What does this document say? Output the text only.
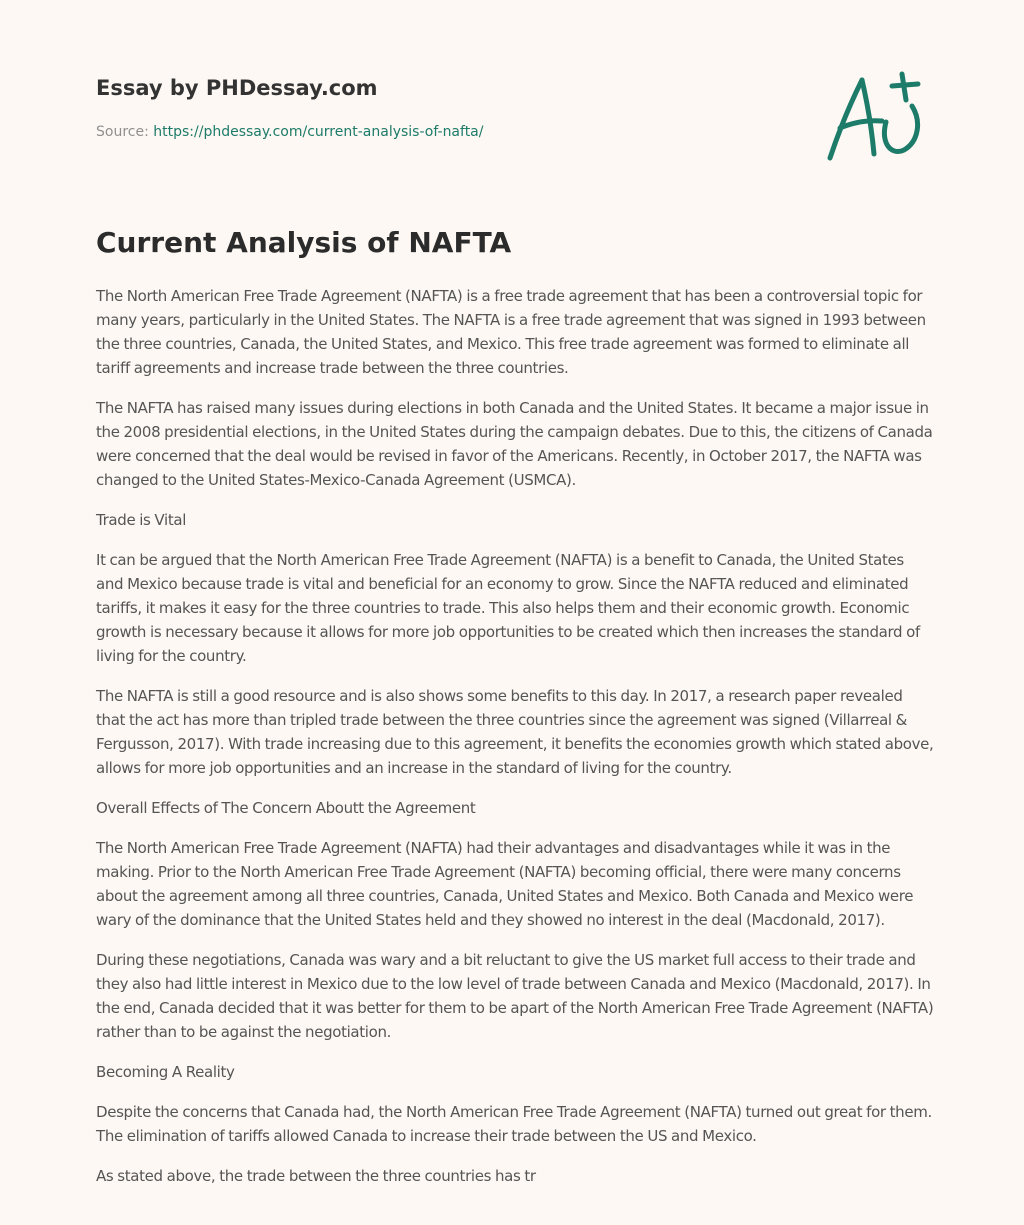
Essay by PHDessay.com
Source: https://phdessay.com/current-analysis-of-nafta/
Current Analysis of NAFTA

The North American Free Trade Agreement (NAFTA) is a free trade agreement that has been a controversial topic for many years, particularly in the United States. The NAFTA is a free trade agreement that was signed in 1993 between the three countries, Canada, the United States, and Mexico. This free trade agreement was formed to eliminate all tariff agreements and increase trade between the three countries.

The NAFTA has raised many issues during elections in both Canada and the United States. It became a major issue in the 2008 presidential elections, in the United States during the campaign debates. Due to this, the citizens of Canada were concerned that the deal would be revised in favor of the Americans. Recently, in October 2017, the NAFTA was changed to the United States-Mexico-Canada Agreement (USMCA).

Trade is Vital

It can be argued that the North American Free Trade Agreement (NAFTA) is a benefit to Canada, the United States and Mexico because trade is vital and beneficial for an economy to grow. Since the NAFTA reduced and eliminated tariffs, it makes it easy for the three countries to trade. This also helps them and their economic growth. Economic growth is necessary because it allows for more job opportunities to be created which then increases the standard of living for the country.

The NAFTA is still a good resource and is also shows some benefits to this day. In 2017, a research paper revealed that the act has more than tripled trade between the three countries since the agreement was signed (Villarreal & Fergusson, 2017). With trade increasing due to this agreement, it benefits the economies growth which stated above, allows for more job opportunities and an increase in the standard of living for the country.

Overall Effects of The Concern Aboutt the Agreement

The North American Free Trade Agreement (NAFTA) had their advantages and disadvantages while it was in the making. Prior to the North American Free Trade Agreement (NAFTA) becoming official, there were many concerns about the agreement among all three countries, Canada, United States and Mexico. Both Canada and Mexico were wary of the dominance that the United States held and they showed no interest in the deal (Macdonald, 2017).

During these negotiations, Canada was wary and a bit reluctant to give the US market full access to their trade and they also had little interest in Mexico due to the low level of trade between Canada and Mexico (Macdonald, 2017). In the end, Canada decided that it was better for them to be apart of the North American Free Trade Agreement (NAFTA) rather than to be against the negotiation.

Becoming A Reality

Despite the concerns that Canada had, the North American Free Trade Agreement (NAFTA) turned out great for them. The elimination of tariffs allowed Canada to increase their trade between the US and Mexico.

As stated above, the trade between the three countries has tr
